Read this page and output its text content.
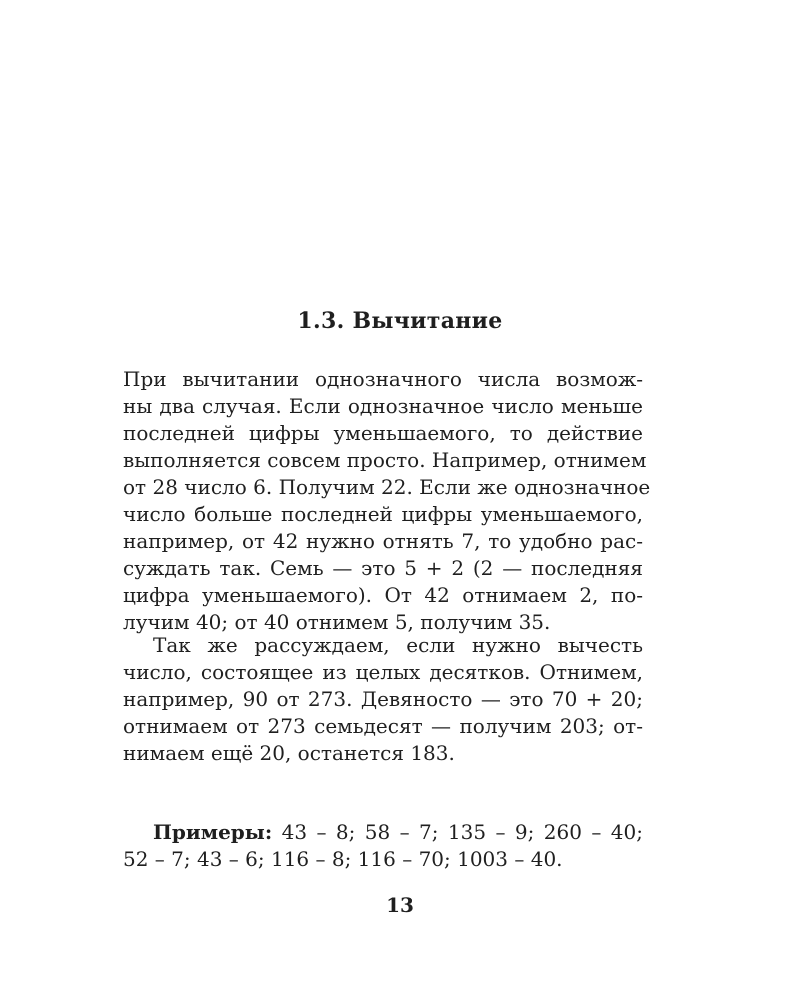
1.3. Вычитание
При вычитании однозначного числа возмож-
ны два случая. Если однозначное число меньше
последней цифры уменьшаемого, то действие
выполняется совсем просто. Например, отнимем
от 28 число 6. Получим 22. Если же однозначное
число больше последней цифры уменьшаемого,
например, от 42 нужно отнять 7, то удобно рас-
суждать так. Семь — это 5 + 2 (2 — последняя
цифра уменьшаемого). От 42 отнимаем 2, по-
лучим 40; от 40 отнимем 5, получим 35.
Так же рассуждаем, если нужно вычесть
число, состоящее из целых десятков. Отнимем,
например, 90 от 273. Девяносто — это 70 + 20;
отнимаем от 273 семьдесят — получим 203; от-
нимаем ещё 20, останется 183.
Примеры: 43 – 8; 58 – 7; 135 – 9; 260 – 40;
52 – 7; 43 – 6; 116 – 8; 116 – 70; 1003 – 40.
13
